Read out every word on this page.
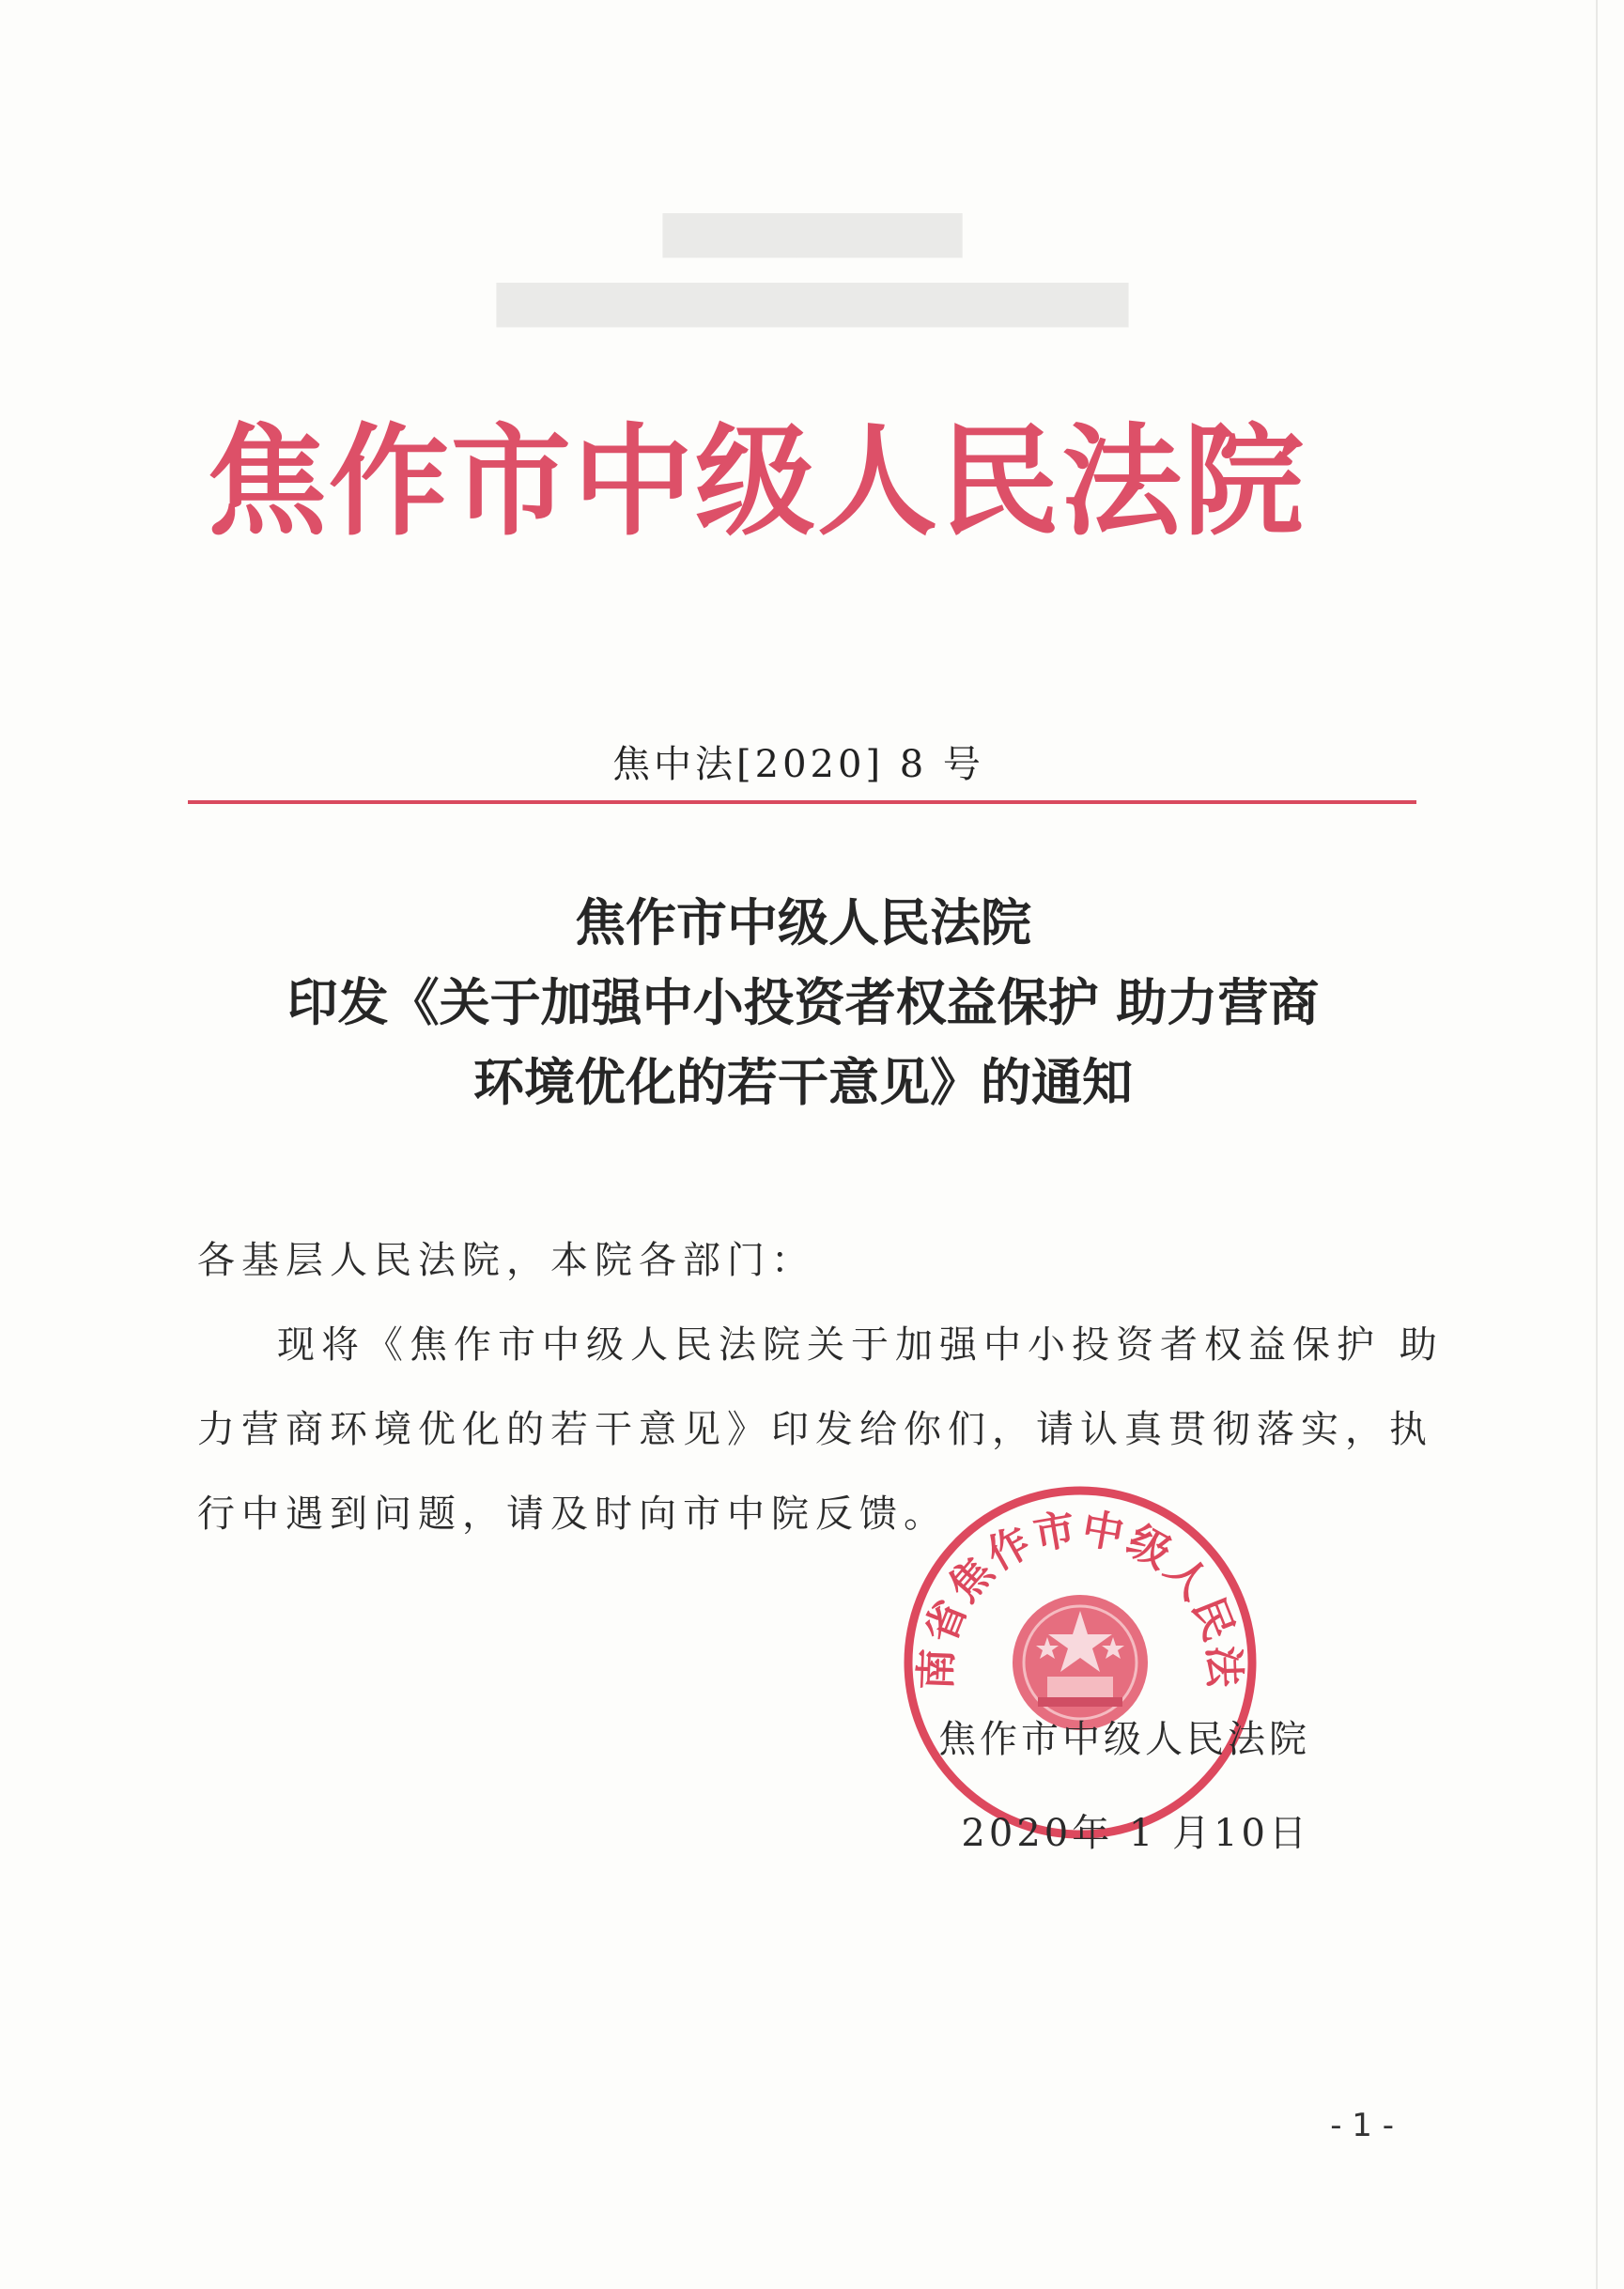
▇▇▇▇▇▇▇▇▇
▇▇▇▇▇▇▇▇▇▇▇▇▇▇▇▇▇▇▇
焦作市中级人民法院
焦中法[2020] 8 号
焦作市中级人民法院
印发《关于加强中小投资者权益保护 助力营商
环境优化的若干意见》的通知
各基层人民法院，本院各部门：
现将《焦作市中级人民法院关于加强中小投资者权益保护 助
力营商环境优化的若干意见》印发给你们，请认真贯彻落实，执
行中遇到问题，请及时向市中院反馈。
南省焦作市中级人民法
焦作市中级人民法院
2020年 1 月10日
- 1 -
